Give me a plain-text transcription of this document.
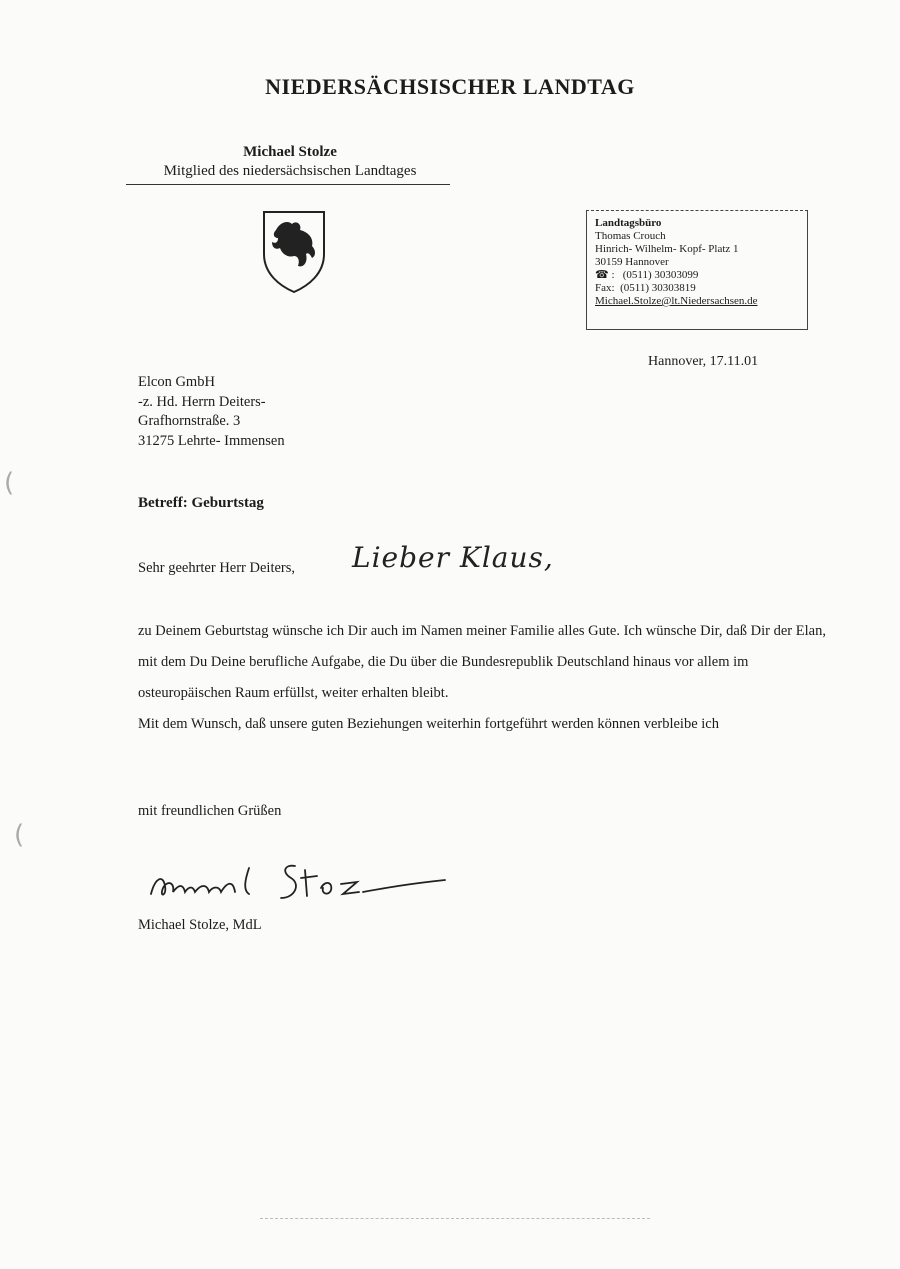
NIEDERSÄCHSISCHER LANDTAG
Michael Stolze
Mitglied des niedersächsischen Landtages
Landtagsbüro
Thomas Crouch
Hinrich- Wilhelm- Kopf- Platz 1
30159 Hannover
☎ : (0511) 30303099
Fax: (0511) 30303819
Michael.Stolze@lt.Niedersachsen.de
Hannover, 17.11.01
Elcon GmbH
-z. Hd. Herrn Deiters-
Grafhornstraße. 3
31275 Lehrte- Immensen
Betreff: Geburtstag
Sehr geehrter Herr Deiters, Lieber Klaus,

zu Deinem Geburtstag wünsche ich Dir auch im Namen meiner Familie alles Gute. Ich wünsche Dir, daß Dir der Elan, mit dem Du Deine berufliche Aufgabe, die Du über die Bundesrepublik Deutschland hinaus vor allem im osteuropäischen Raum erfüllst, weiter erhalten bleibt.

Mit dem Wunsch, daß unsere guten Beziehungen weiterhin fortgeführt werden können verbleibe ich

mit freundlichen Grüßen
Michael Stolze, MdL
(
(
